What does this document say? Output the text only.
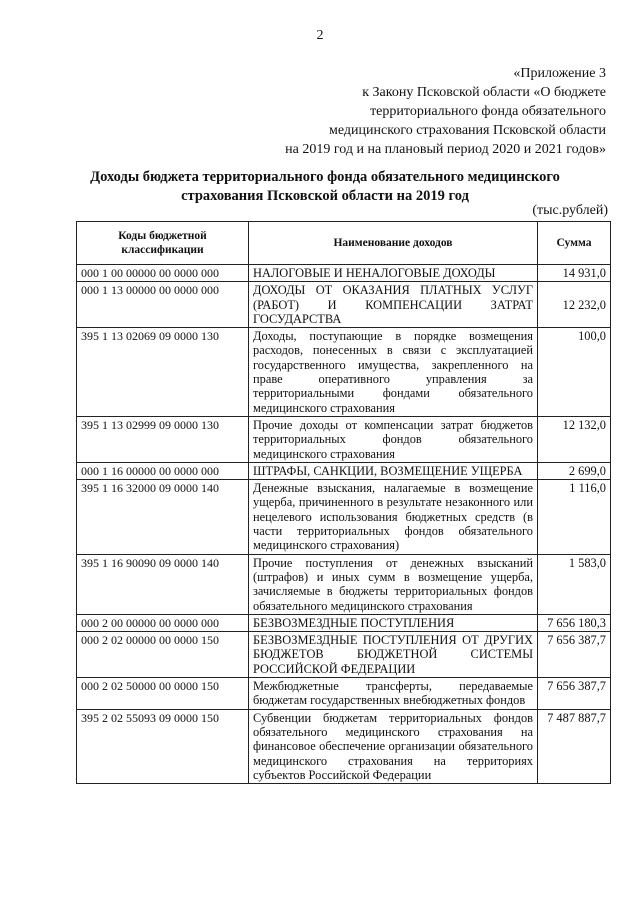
2
«Приложение 3
к Закону Псковской области «О бюджете
территориального фонда обязательного
медицинского страхования Псковской области
на 2019 год и на плановый период 2020 и 2021 годов»
Доходы бюджета территориального фонда обязательного медицинского
страхования Псковской области на 2019 год
(тыс.рублей)
Коды бюджетной классификации	Наименование доходов	Сумма
000 1 00 00000 00 0000 000	НАЛОГОВЫЕ И НЕНАЛОГОВЫЕ ДОХОДЫ	14 931,0
000 1 13 00000 00 0000 000	ДОХОДЫ ОТ ОКАЗАНИЯ ПЛАТНЫХ УСЛУГ (РАБОТ) И КОМПЕНСАЦИИ ЗАТРАТ ГОСУДАРСТВА	12 232,0
395 1 13 02069 09 0000 130	Доходы, поступающие в порядке возмещения расходов, понесенных в связи с эксплуатацией государственного имущества, закрепленного на праве оперативного управления за территориальными фондами обязательного медицинского страхования	100,0
395 1 13 02999 09 0000 130	Прочие доходы от компенсации затрат бюджетов территориальных фондов обязательного медицинского страхования	12 132,0
000 1 16 00000 00 0000 000	ШТРАФЫ, САНКЦИИ, ВОЗМЕЩЕНИЕ УЩЕРБА	2 699,0
395 1 16 32000 09 0000 140	Денежные взыскания, налагаемые в возмещение ущерба, причиненного в результате незаконного или нецелевого использования бюджетных средств (в части территориальных фондов обязательного медицинского страхования)	1 116,0
395 1 16 90090 09 0000 140	Прочие поступления от денежных взысканий (штрафов) и иных сумм в возмещение ущерба, зачисляемые в бюджеты территориальных фондов обязательного медицинского страхования	1 583,0
000 2 00 00000 00 0000 000	БЕЗВОЗМЕЗДНЫЕ ПОСТУПЛЕНИЯ	7 656 180,3
000 2 02 00000 00 0000 150	БЕЗВОЗМЕЗДНЫЕ ПОСТУПЛЕНИЯ ОТ ДРУГИХ БЮДЖЕТОВ БЮДЖЕТНОЙ СИСТЕМЫ РОССИЙСКОЙ ФЕДЕРАЦИИ	7 656 387,7
000 2 02 50000 00 0000 150	Межбюджетные трансферты, передаваемые бюджетам государственных внебюджетных фондов	7 656 387,7
395 2 02 55093 09 0000 150	Субвенции бюджетам территориальных фондов обязательного медицинского страхования на финансовое обеспечение организации обязательного медицинского страхования на территориях субъектов Российской Федерации	7 487 887,7
